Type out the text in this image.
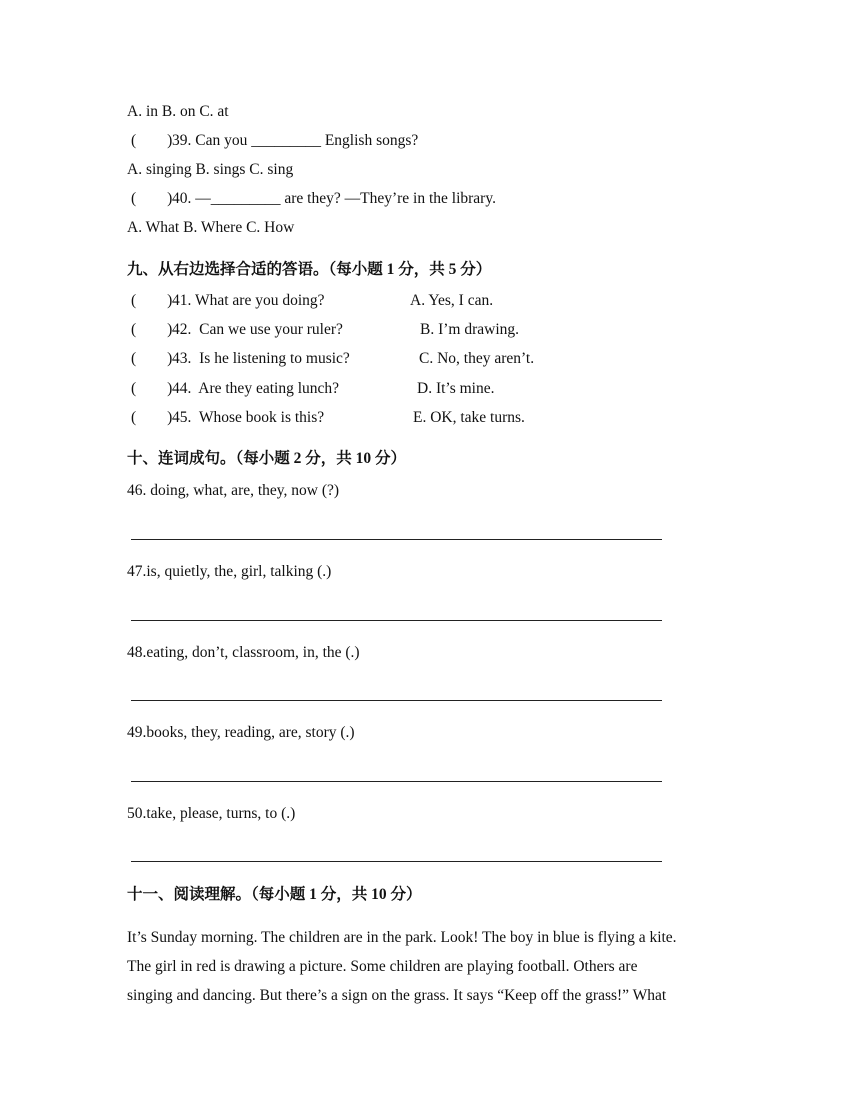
A. in B. on C. at
(        ) 39. Can you _________ English songs?
A. singing B. sings C. sing
(        ) 40. —_________ are they? —They’re in the library.
A. What B. Where C. How
九、从右边选择合适的答语。（每小题 1 分，共 5 分）
(        ) 41. What are you doing?	A. Yes, I can.
(        ) 42.  Can we use your ruler?	B. I’m drawing.
(        ) 43.  Is he listening to music?	C. No, they aren’t.
(        ) 44.  Are they eating lunch?	D. It’s mine.
(        ) 45.  Whose book is this?	E. OK, take turns.
十、连词成句。（每小题 2 分，共 10 分）
46. doing, what, are, they, now (?)
47.is, quietly, the, girl, talking (.)
48.eating, don’t, classroom, in, the (.)
49.books, they, reading, are, story (.)
50.take, please, turns, to (.)
十一、阅读理解。（每小题 1 分，共 10 分）
It’s Sunday morning. The children are in the park. Look! The boy in blue is flying a kite.
The girl in red is drawing a picture. Some children are playing football. Others are
singing and dancing. But there’s a sign on the grass. It says “Keep off the grass!” What
